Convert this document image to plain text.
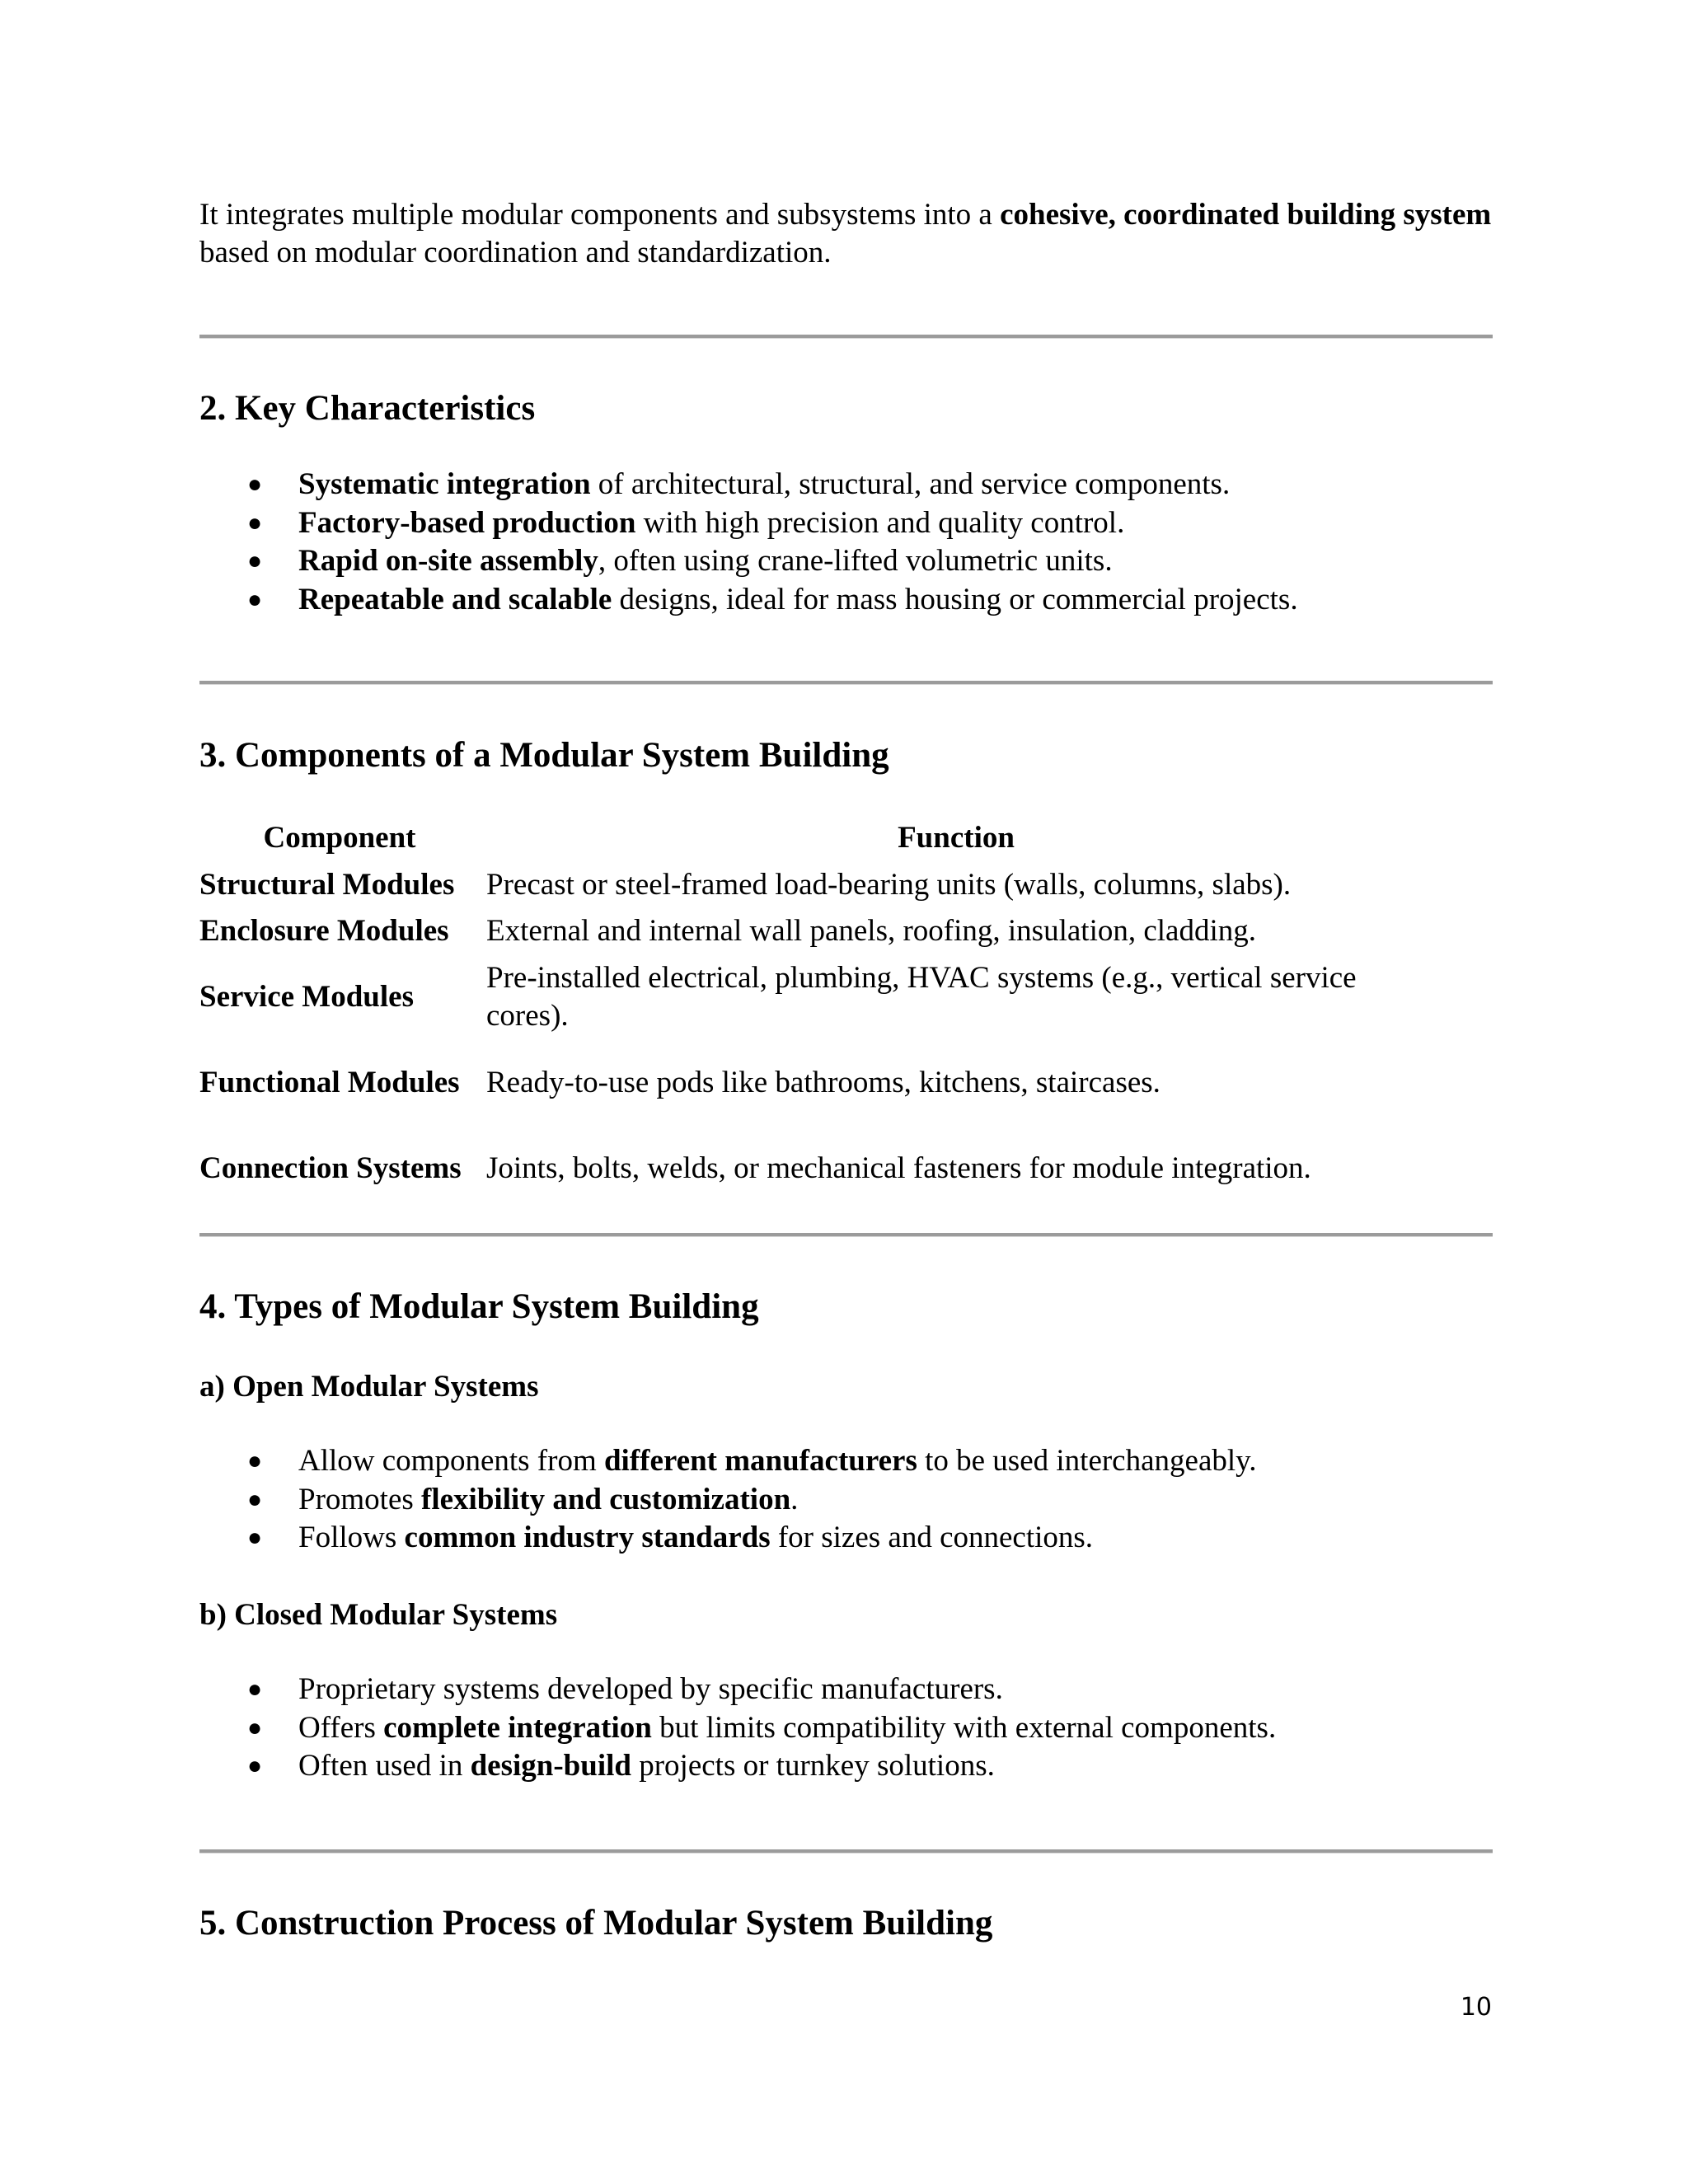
It integrates multiple modular components and subsystems into a cohesive, coordinated building system based on modular coordination and standardization.

2. Key Characteristics
● Systematic integration of architectural, structural, and service components.
● Factory-based production with high precision and quality control.
● Rapid on-site assembly, often using crane-lifted volumetric units.
● Repeatable and scalable designs, ideal for mass housing or commercial projects.
3. Components of a Modular System Building
Component	Function
Structural Modules	Precast or steel-framed load-bearing units (walls, columns, slabs).
Enclosure Modules	External and internal wall panels, roofing, insulation, cladding.
Service Modules	Pre-installed electrical, plumbing, HVAC systems (e.g., vertical service cores).
Functional Modules	Ready-to-use pods like bathrooms, kitchens, staircases.
Connection Systems	Joints, bolts, welds, or mechanical fasteners for module integration.
4. Types of Modular System Building
a) Open Modular Systems
● Allow components from different manufacturers to be used interchangeably.
● Promotes flexibility and customization.
● Follows common industry standards for sizes and connections.
b) Closed Modular Systems
● Proprietary systems developed by specific manufacturers.
● Offers complete integration but limits compatibility with external components.
● Often used in design-build projects or turnkey solutions.
5. Construction Process of Modular System Building
10
